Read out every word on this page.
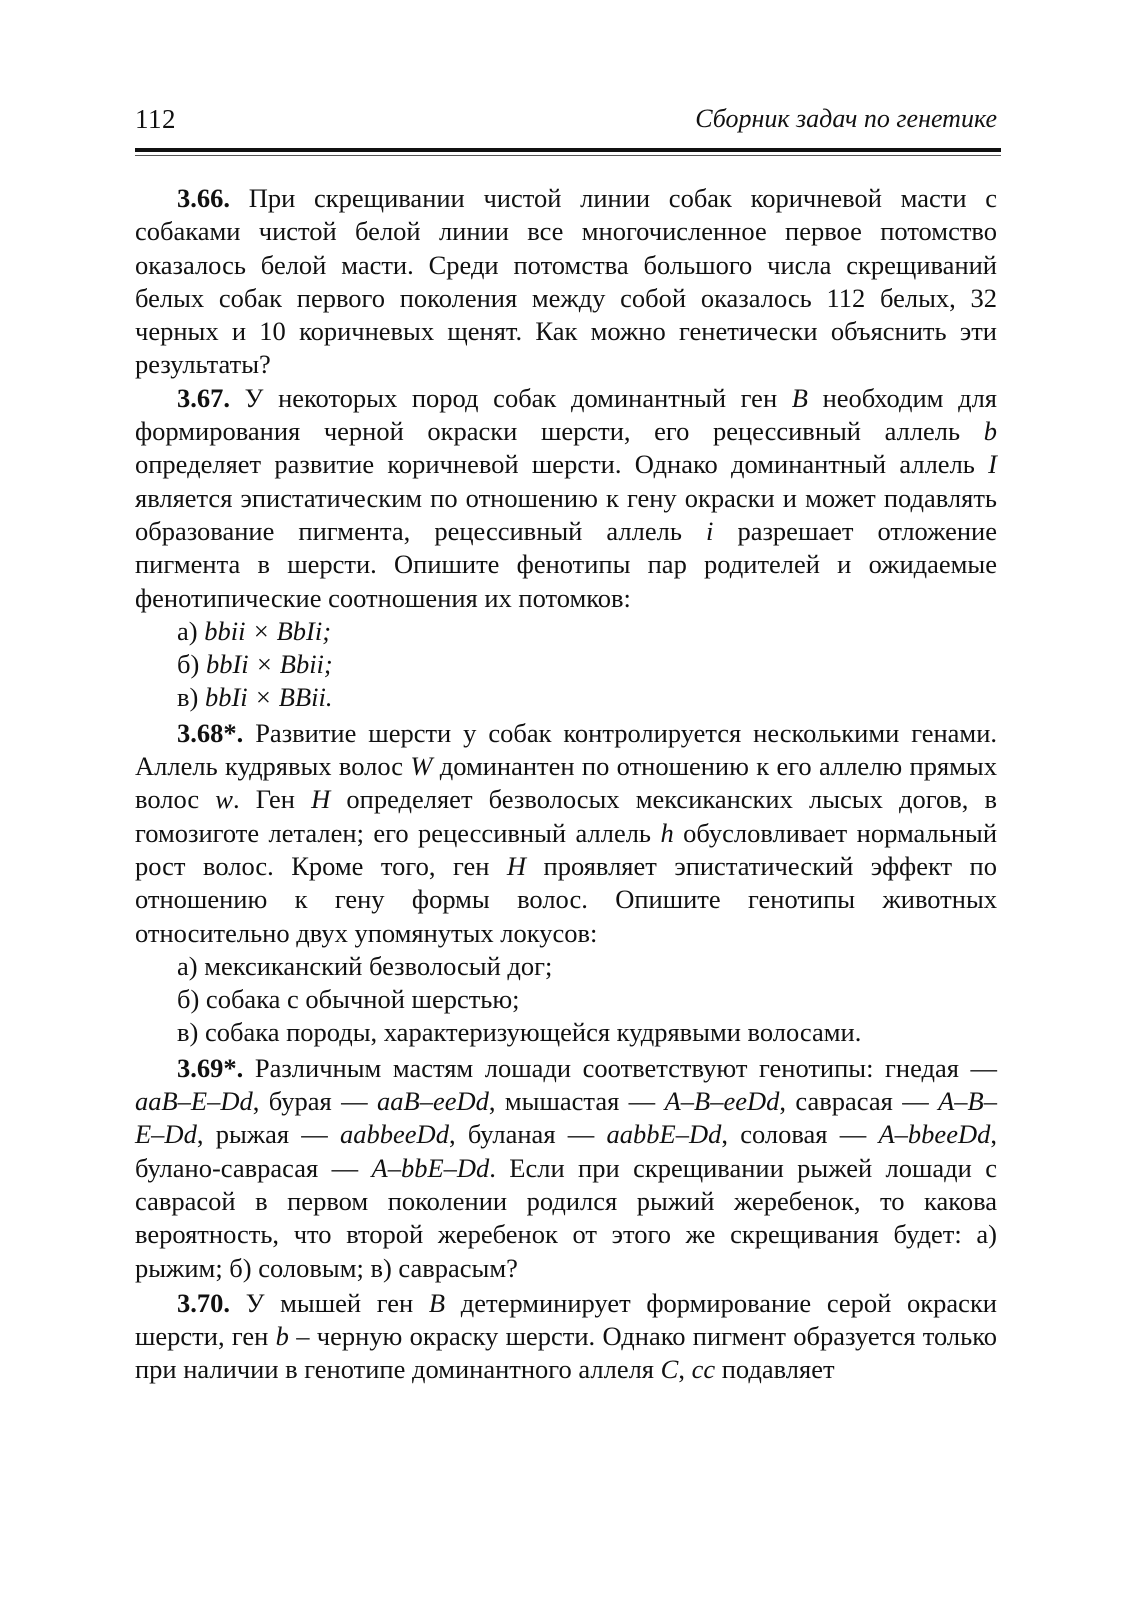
112	Сборник задач по генетике

3.66. При скрещивании чистой линии собак коричневой масти с собаками чистой белой линии все многочисленное первое потомство оказалось белой масти. Среди потомства большого числа скрещиваний белых собак первого поколения между собой оказалось 112 белых, 32 черных и 10 коричневых щенят. Как можно генетически объяснить эти результаты?

3.67. У некоторых пород собак доминантный ген B необходим для формирования черной окраски шерсти, его рецессивный аллель b определяет развитие коричневой шерсти. Однако доминантный аллель I является эпистатическим по отношению к гену окраски и может подавлять образование пигмента, рецессивный аллель i разрешает отложение пигмента в шерсти. Опишите фенотипы пар родителей и ожидаемые фенотипические соотношения их потомков:

а) bbii × BbIi;

б) bbIi × Bbii;

в) bbIi × BBii.

3.68*. Развитие шерсти у собак контролируется несколькими генами. Аллель кудрявых волос W доминантен по отношению к его аллелю прямых волос w. Ген H определяет безволосых мексиканских лысых догов, в гомозиготе летален; его рецессивный аллель h обусловливает нормальный рост волос. Кроме того, ген H проявляет эпистатический эффект по отношению к гену формы волос. Опишите генотипы животных относительно двух упомянутых локусов:

а) мексиканский безволосый дог;

б) собака с обычной шерстью;

в) собака породы, характеризующейся кудрявыми волосами.

3.69*. Различным мастям лошади соответствуют генотипы: гнедая — aaB–E–Dd, бурая — aaB–eeDd, мышастая — A–B–eeDd, саврасая — A–B–E–Dd, рыжая — aabbeeDd, буланая — aabbE–Dd, соловая — A–bbeeDd, булано-саврасая — A–bbE–Dd. Если при скрещивании рыжей лошади с саврасой в первом поколении родился рыжий жеребенок, то какова вероятность, что второй жеребенок от этого же скрещивания будет: а) рыжим; б) соловым; в) саврасым?

3.70. У мышей ген B детерминирует формирование серой окраски шерсти, ген b – черную окраску шерсти. Однако пигмент образуется только при наличии в генотипе доминантного аллеля C, cc подавляет
